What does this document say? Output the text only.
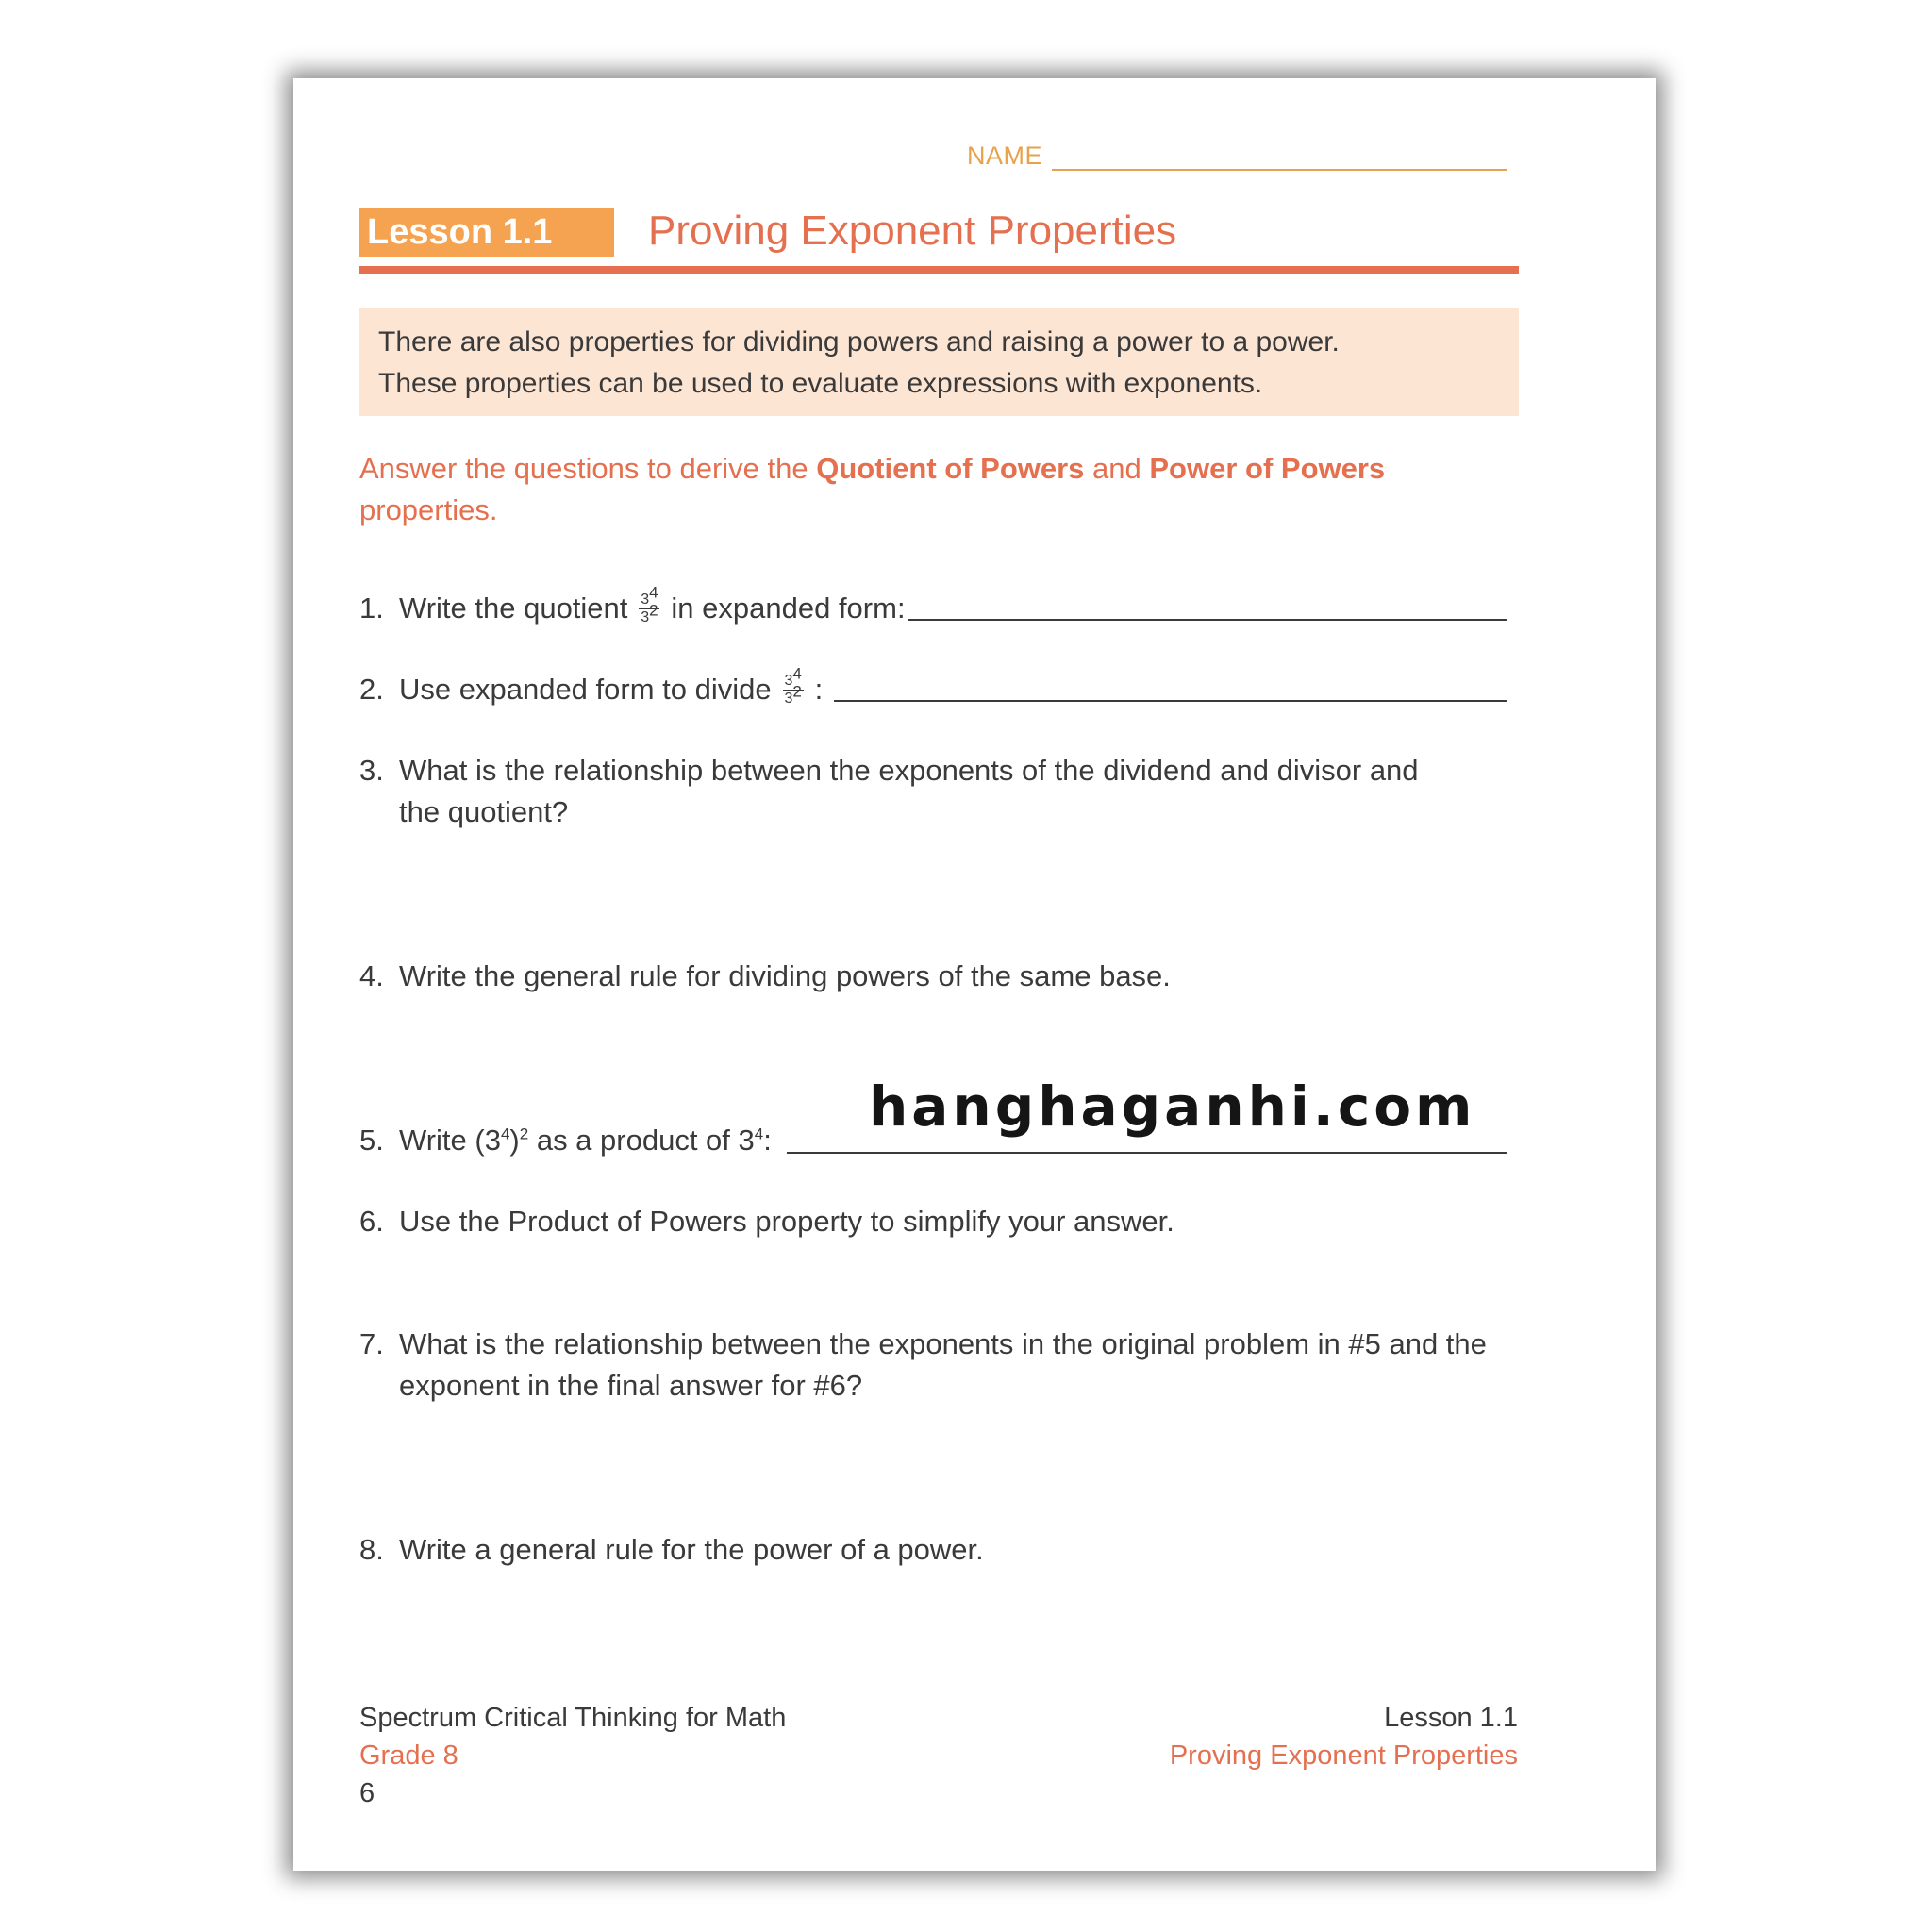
NAME
Lesson 1.1	Proving Exponent Properties
There are also properties for dividing powers and raising a power to a power.
These properties can be used to evaluate expressions with exponents.
Answer the questions to derive the Quotient of Powers and Power of Powers properties.
1. Write the quotient $\frac{3^4}{3^2}$ in expanded form:
2. Use expanded form to divide $\frac{3^4}{3^2}$ :
3. What is the relationship between the exponents of the dividend and divisor and the quotient?
4. Write the general rule for dividing powers of the same base.
5. Write $(3^4)^2$ as a product of $3^4$:
6. Use the Product of Powers property to simplify your answer.
7. What is the relationship between the exponents in the original problem in #5 and the exponent in the final answer for #6?
8. Write a general rule for the power of a power.
hanghaganhi.com
Spectrum Critical Thinking for Math
Grade 8
6
Lesson 1.1
Proving Exponent Properties
